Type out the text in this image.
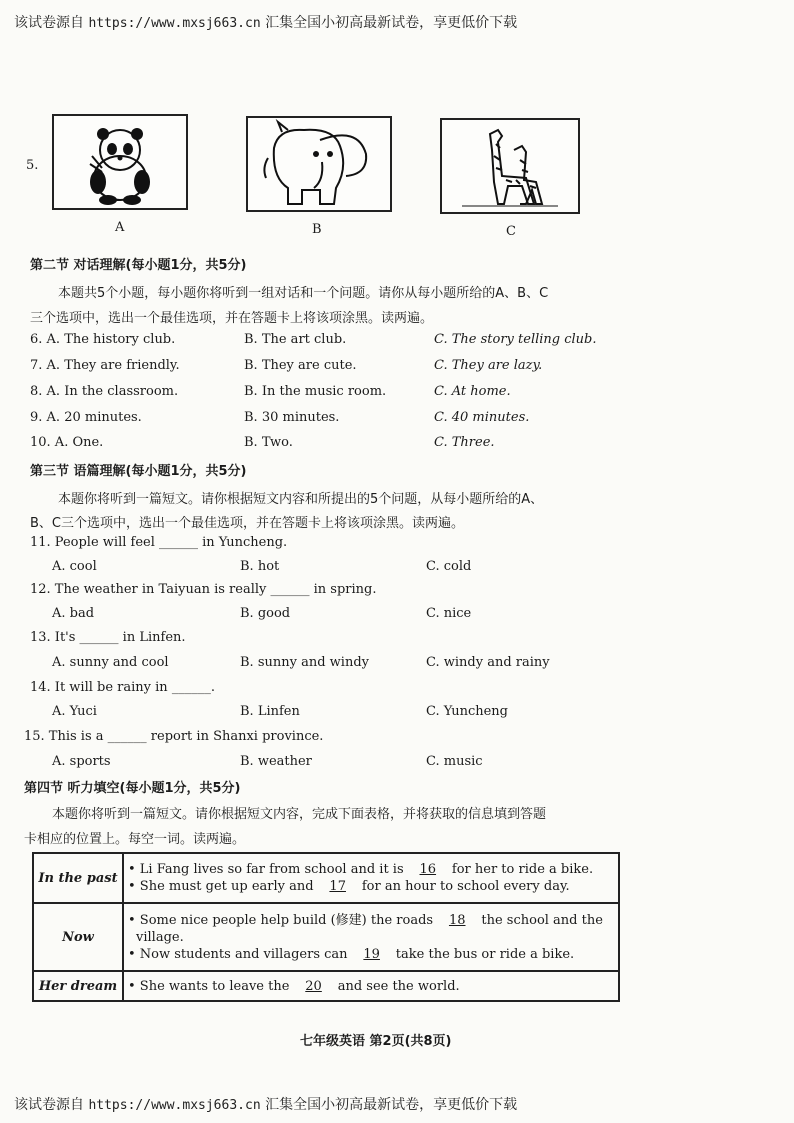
该试卷源自 https://www.mxsj663.cn 汇集全国小初高最新试卷，享更低价下载
5.
A	B	C
第二节 对话理解(每小题1分，共5分)
本题共5个小题，每小题你将听到一组对话和一个问题。请你从每小题所给的A、B、C
三个选项中，选出一个最佳选项，并在答题卡上将该项涂黑。读两遍。
6. A. The history club.	B. The art club.	C. The story telling club.
7. A. They are friendly.	B. They are cute.	C. They are lazy.
8. A. In the classroom.	B. In the music room.	C. At home.
9. A. 20 minutes.	B. 30 minutes.	C. 40 minutes.
10. A. One.	B. Two.	C. Three.
第三节 语篇理解(每小题1分，共5分)
本题你将听到一篇短文。请你根据短文内容和所提出的5个问题，从每小题所给的A、
B、C三个选项中，选出一个最佳选项，并在答题卡上将该项涂黑。读两遍。
11. People will feel ______ in Yuncheng.
A. cool	B. hot	C. cold
12. The weather in Taiyuan is really ______ in spring.
A. bad	B. good	C. nice
13. It's ______ in Linfen.
A. sunny and cool	B. sunny and windy	C. windy and rainy
14. It will be rainy in ______.
A. Yuci	B. Linfen	C. Yuncheng
15. This is a ______ report in Shanxi province.
A. sports	B. weather	C. music
第四节 听力填空(每小题1分，共5分)
本题你将听到一篇短文。请你根据短文内容，完成下面表格，并将获取的信息填到答题
卡相应的位置上。每空一词。读两遍。
In the past	• Li Fang lives so far from school and it is 16 for her to ride a bike.
• She must get up early and 17 for an hour to school every day.

Now	• Some nice people help build (修建) the roads 18 the school and the
village.
• Now students and villagers can 19 take the bus or ride a bike.

Her dream	• She wants to leave the 20 and see the world.
七年级英语 第2页(共8页)
该试卷源自 https://www.mxsj663.cn 汇集全国小初高最新试卷，享更低价下载
